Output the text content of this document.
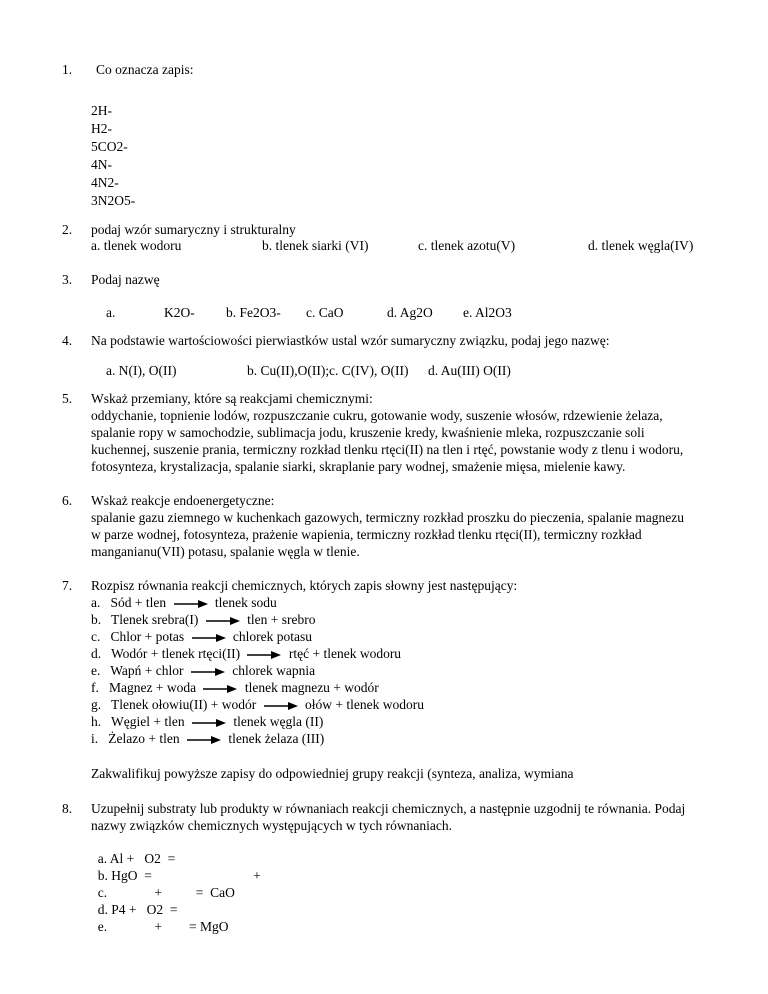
1. Co oznacza zapis:
2H-
H2-
5CO2-
4N-
4N2-
3N2O5-
2. podaj wzór sumaryczny i strukturalny
a. tlenek wodoru	b. tlenek siarki (VI)	c. tlenek azotu(V)	d. tlenek węgla(IV)
3. Podaj nazwę
a.	K2O- b. Fe2O3- c. CaO	d. Ag2O e. Al2O3
4. Na podstawie wartościowości pierwiastków ustal wzór sumaryczny związku, podaj jego nazwę:
a. N(I), O(II)	b. Cu(II),O(II); c. C(IV), O(II) d. Au(III) O(II)
5. Wskaż przemiany, które są reakcjami chemicznymi:
oddychanie, topnienie lodów, rozpuszczanie cukru, gotowanie wody, suszenie włosów, rdzewienie żelaza,
spalanie ropy w samochodzie, sublimacja jodu, kruszenie kredy, kwaśnienie mleka, rozpuszczanie soli
kuchennej, suszenie prania, termiczny rozkład tlenku rtęci(II) na tlen i rtęć, powstanie wody z tlenu i wodoru,
fotosynteza, krystalizacja, spalanie siarki, skraplanie pary wodnej, smażenie mięsa, mielenie kawy.
6. Wskaż reakcje endoenergetyczne:
spalanie gazu ziemnego w kuchenkach gazowych, termiczny rozkład proszku do pieczenia, spalanie magnezu
w parze wodnej, fotosynteza, prażenie wapienia, termiczny rozkład tlenku rtęci(II), termiczny rozkład
manganianu(VII) potasu, spalanie węgla w tlenie.
7. Rozpisz równania reakcji chemicznych, których zapis słowny jest następujący:
a. Sód + tlen	tlenek sodu
b. Tlenek srebra(I)	tlen + srebro
c. Chlor + potas	chlorek potasu
d. Wodór + tlenek rtęci(II)	rtęć + tlenek wodoru
e. Wapń + chlor	chlorek wapnia
f. Magnez + woda	tlenek magnezu + wodór
g. Tlenek ołowiu(II) + wodór	ołów + tlenek wodoru
h. Węgiel + tlen	tlenek węgla (II)
i. Żelazo + tlen	tlenek żelaza (III)
Zakwalifikuj powyższe zapisy do odpowiedniej grupy reakcji (synteza, analiza, wymiana
8. Uzupełnij substraty lub produkty w równaniach reakcji chemicznych, a następnie uzgodnij te równania. Podaj
nazwy związków chemicznych występujących w tych równaniach.

a. Al +   O2  =

b. HgO  =                              +

c.              +          =  CaO

d. P4 +   O2  =

e.              +        = MgO
